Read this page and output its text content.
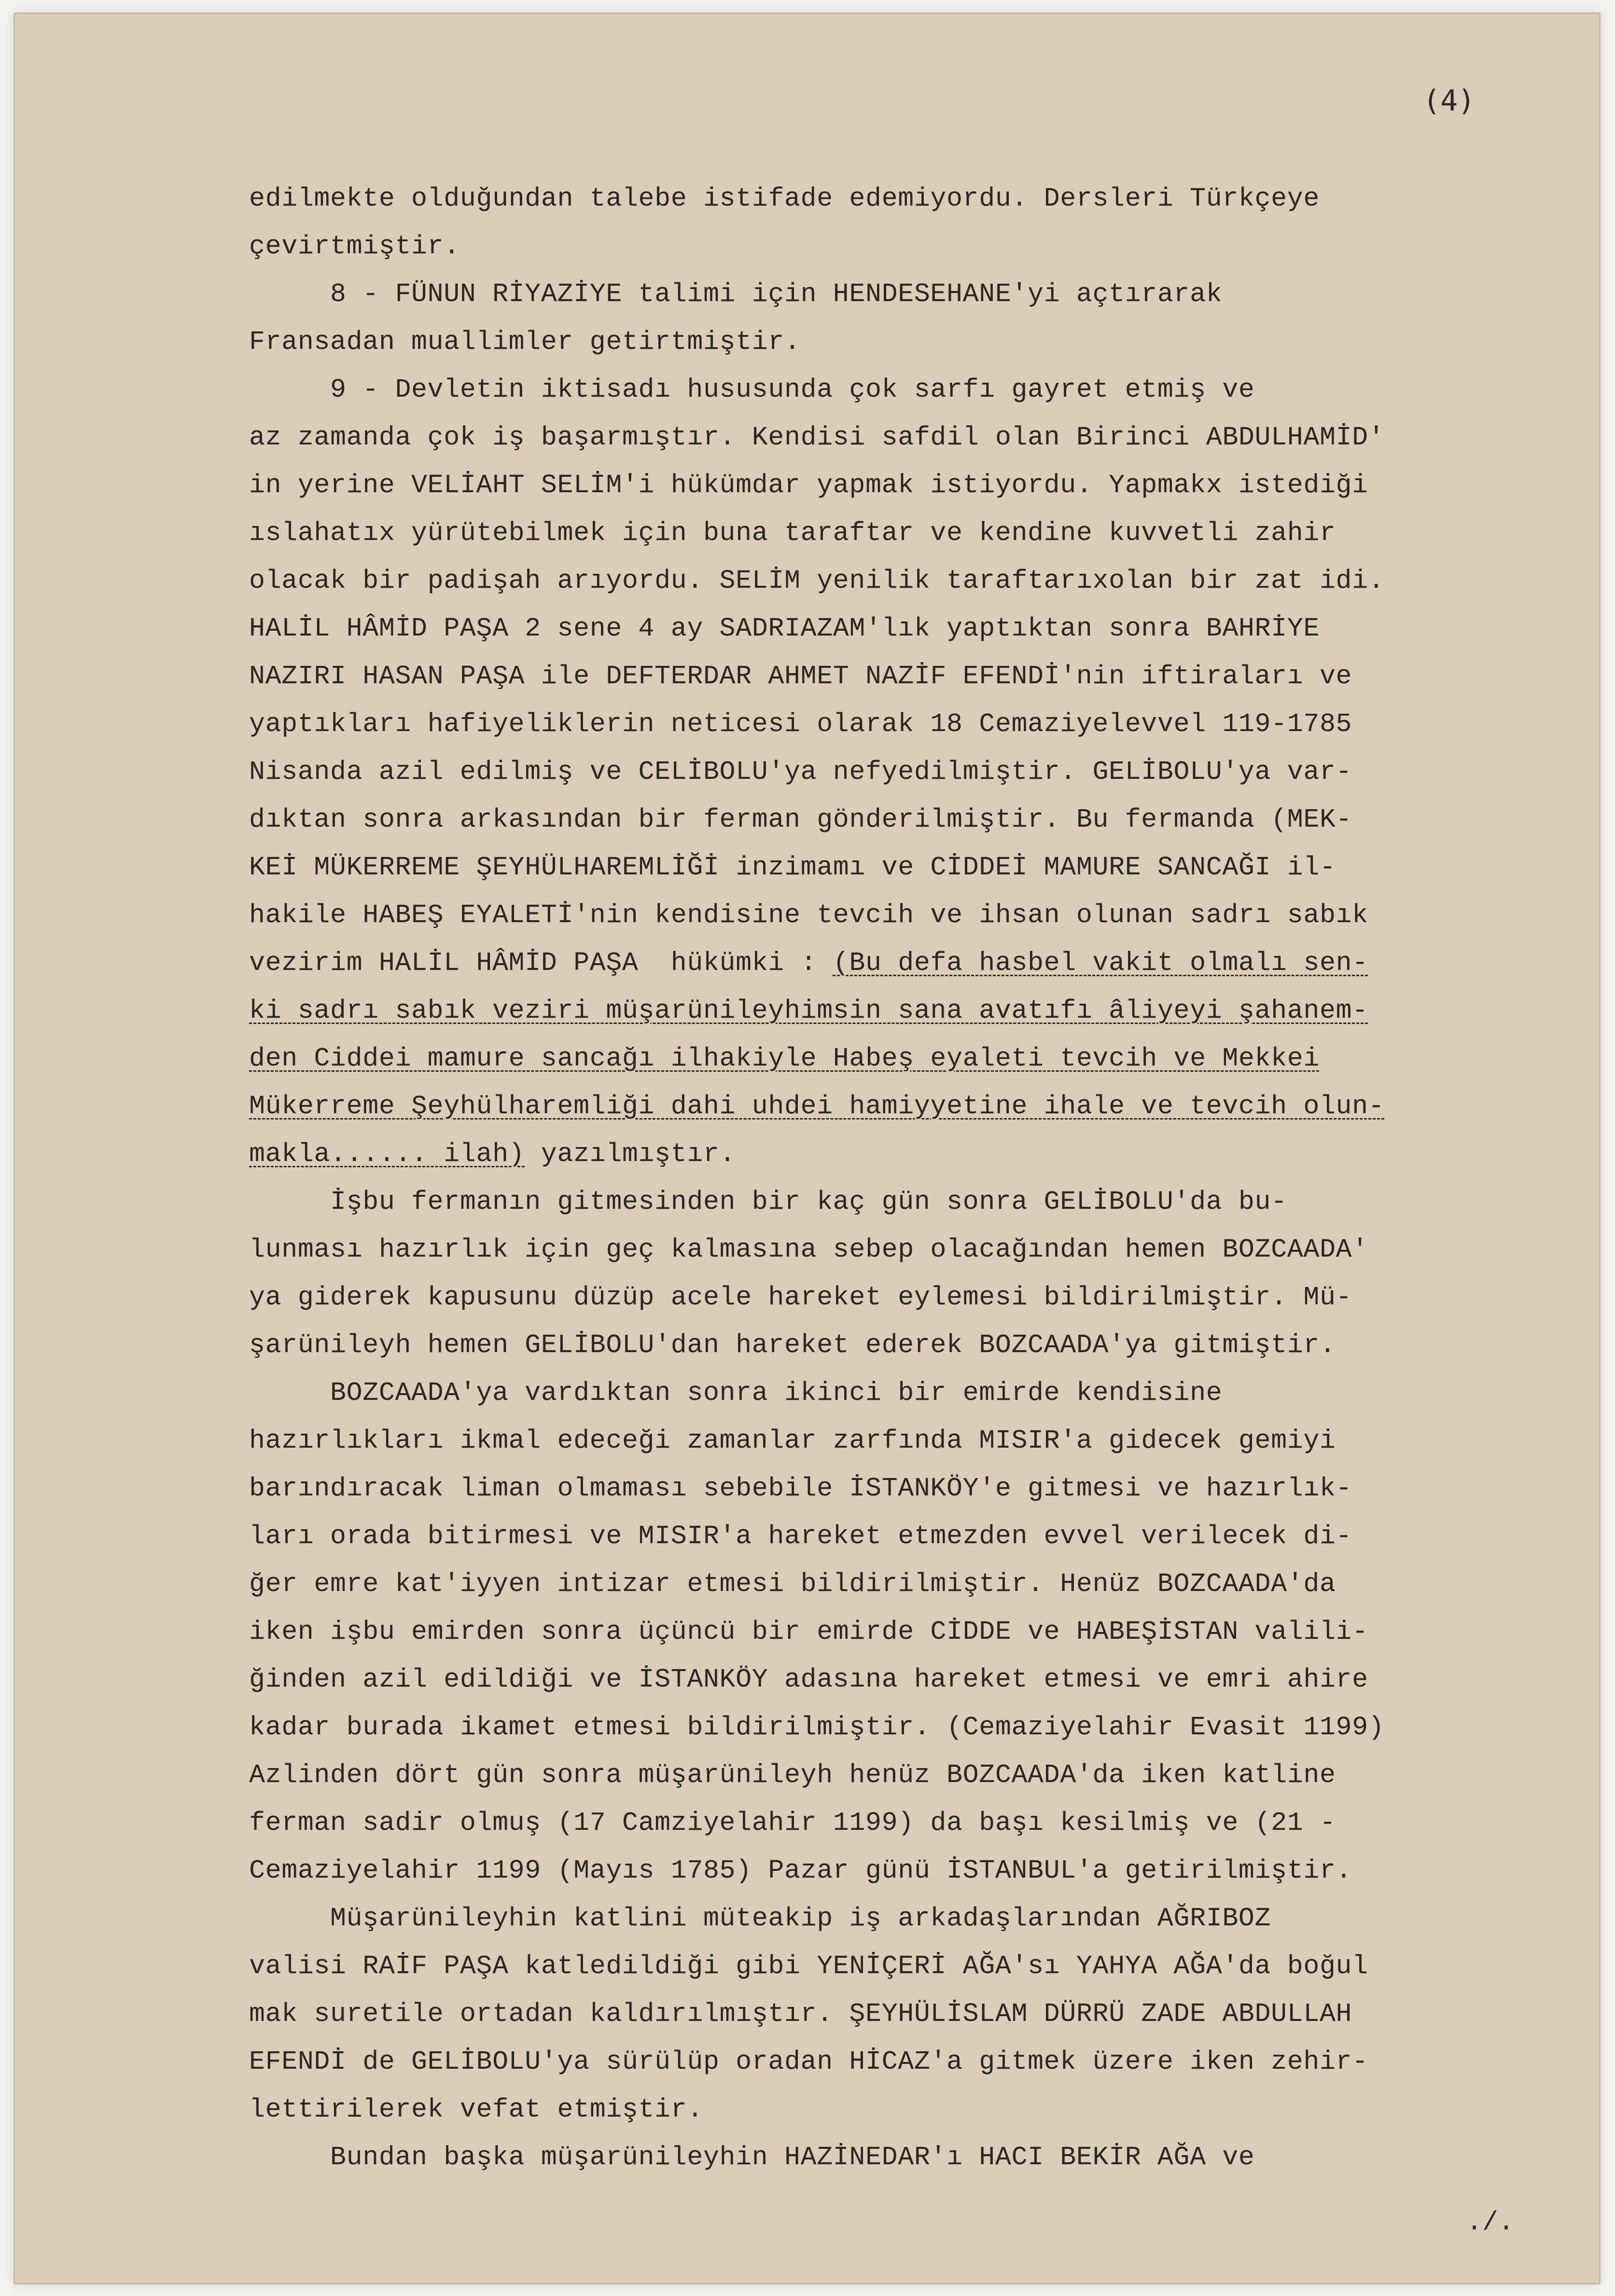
(4)
edilmekte olduğundan talebe istifade edemiyordu. Dersleri Türkçeye
çevirtmiştir.
8 - FÜNUN RİYAZİYE talimi için HENDESEHANE'yi açtırarak
Fransadan muallimler getirtmiştir.
9 - Devletin iktisadı hususunda çok sarfı gayret etmiş ve
az zamanda çok iş başarmıştır. Kendisi safdil olan Birinci ABDULHAMİD'
in yerine VELİAHT SELİM'i hükümdar yapmak istiyordu. Yapmakx istediği
ıslahatıx yürütebilmek için buna taraftar ve kendine kuvvetli zahir
olacak bir padişah arıyordu. SELİM yenilik taraftarıxolan bir zat idi.
HALİL HÂMİD PAŞA 2 sene 4 ay SADRIAZAM'lık yaptıktan sonra BAHRİYE
NAZIRI HASAN PAŞA ile DEFTERDAR AHMET NAZİF EFENDİ'nin iftiraları ve
yaptıkları hafiyeliklerin neticesi olarak 18 Cemaziyelevvel 119-1785
Nisanda azil edilmiş ve CELİBOLU'ya nefyedilmiştir. GELİBOLU'ya var-
dıktan sonra arkasından bir ferman gönderilmiştir. Bu fermanda (MEK-
KEİ MÜKERREME ŞEYHÜLHAREMLİĞİ inzimamı ve CİDDEİ MAMURE SANCAĞI il-
hakile HABEŞ EYALETİ'nin kendisine tevcih ve ihsan olunan sadrı sabık
vezirim HALİL HÂMİD PAŞA  hükümki : (Bu defa hasbel vakit olmalı sen-
ki sadrı sabık veziri müşarünileyhimsin sana avatıfı âliyeyi şahanem-
den Ciddei mamure sancağı ilhakiyle Habeş eyaleti tevcih ve Mekkei
Mükerreme Şeyhülharemliği dahi uhdei hamiyyetine ihale ve tevcih olun-
makla...... ilah) yazılmıştır.
İşbu fermanın gitmesinden bir kaç gün sonra GELİBOLU'da bu-
lunması hazırlık için geç kalmasına sebep olacağından hemen BOZCAADA'
ya giderek kapusunu düzüp acele hareket eylemesi bildirilmiştir. Mü-
şarünileyh hemen GELİBOLU'dan hareket ederek BOZCAADA'ya gitmiştir.
BOZCAADA'ya vardıktan sonra ikinci bir emirde kendisine
hazırlıkları ikmal edeceği zamanlar zarfında MISIR'a gidecek gemiyi
barındıracak liman olmaması sebebile İSTANKÖY'e gitmesi ve hazırlık-
ları orada bitirmesi ve MISIR'a hareket etmezden evvel verilecek di-
ğer emre kat'iyyen intizar etmesi bildirilmiştir. Henüz BOZCAADA'da
iken işbu emirden sonra üçüncü bir emirde CİDDE ve HABEŞİSTAN valili-
ğinden azil edildiği ve İSTANKÖY adasına hareket etmesi ve emri ahire
kadar burada ikamet etmesi bildirilmiştir. (Cemaziyelahir Evasit 1199)
Azlinden dört gün sonra müşarünileyh henüz BOZCAADA'da iken katline
ferman sadir olmuş (17 Camziyelahir 1199) da başı kesilmiş ve (21 -
Cemaziyelahir 1199 (Mayıs 1785) Pazar günü İSTANBUL'a getirilmiştir.
Müşarünileyhin katlini müteakip iş arkadaşlarından AĞRIBOZ
valisi RAİF PAŞA katledildiği gibi YENİÇERİ AĞA'sı YAHYA AĞA'da boğul
mak suretile ortadan kaldırılmıştır. ŞEYHÜLİSLAM DÜRRÜ ZADE ABDULLAH
EFENDİ de GELİBOLU'ya sürülüp oradan HİCAZ'a gitmek üzere iken zehir-
lettirilerek vefat etmiştir.
Bundan başka müşarünileyhin HAZİNEDAR'ı HACI BEKİR AĞA ve
./.
